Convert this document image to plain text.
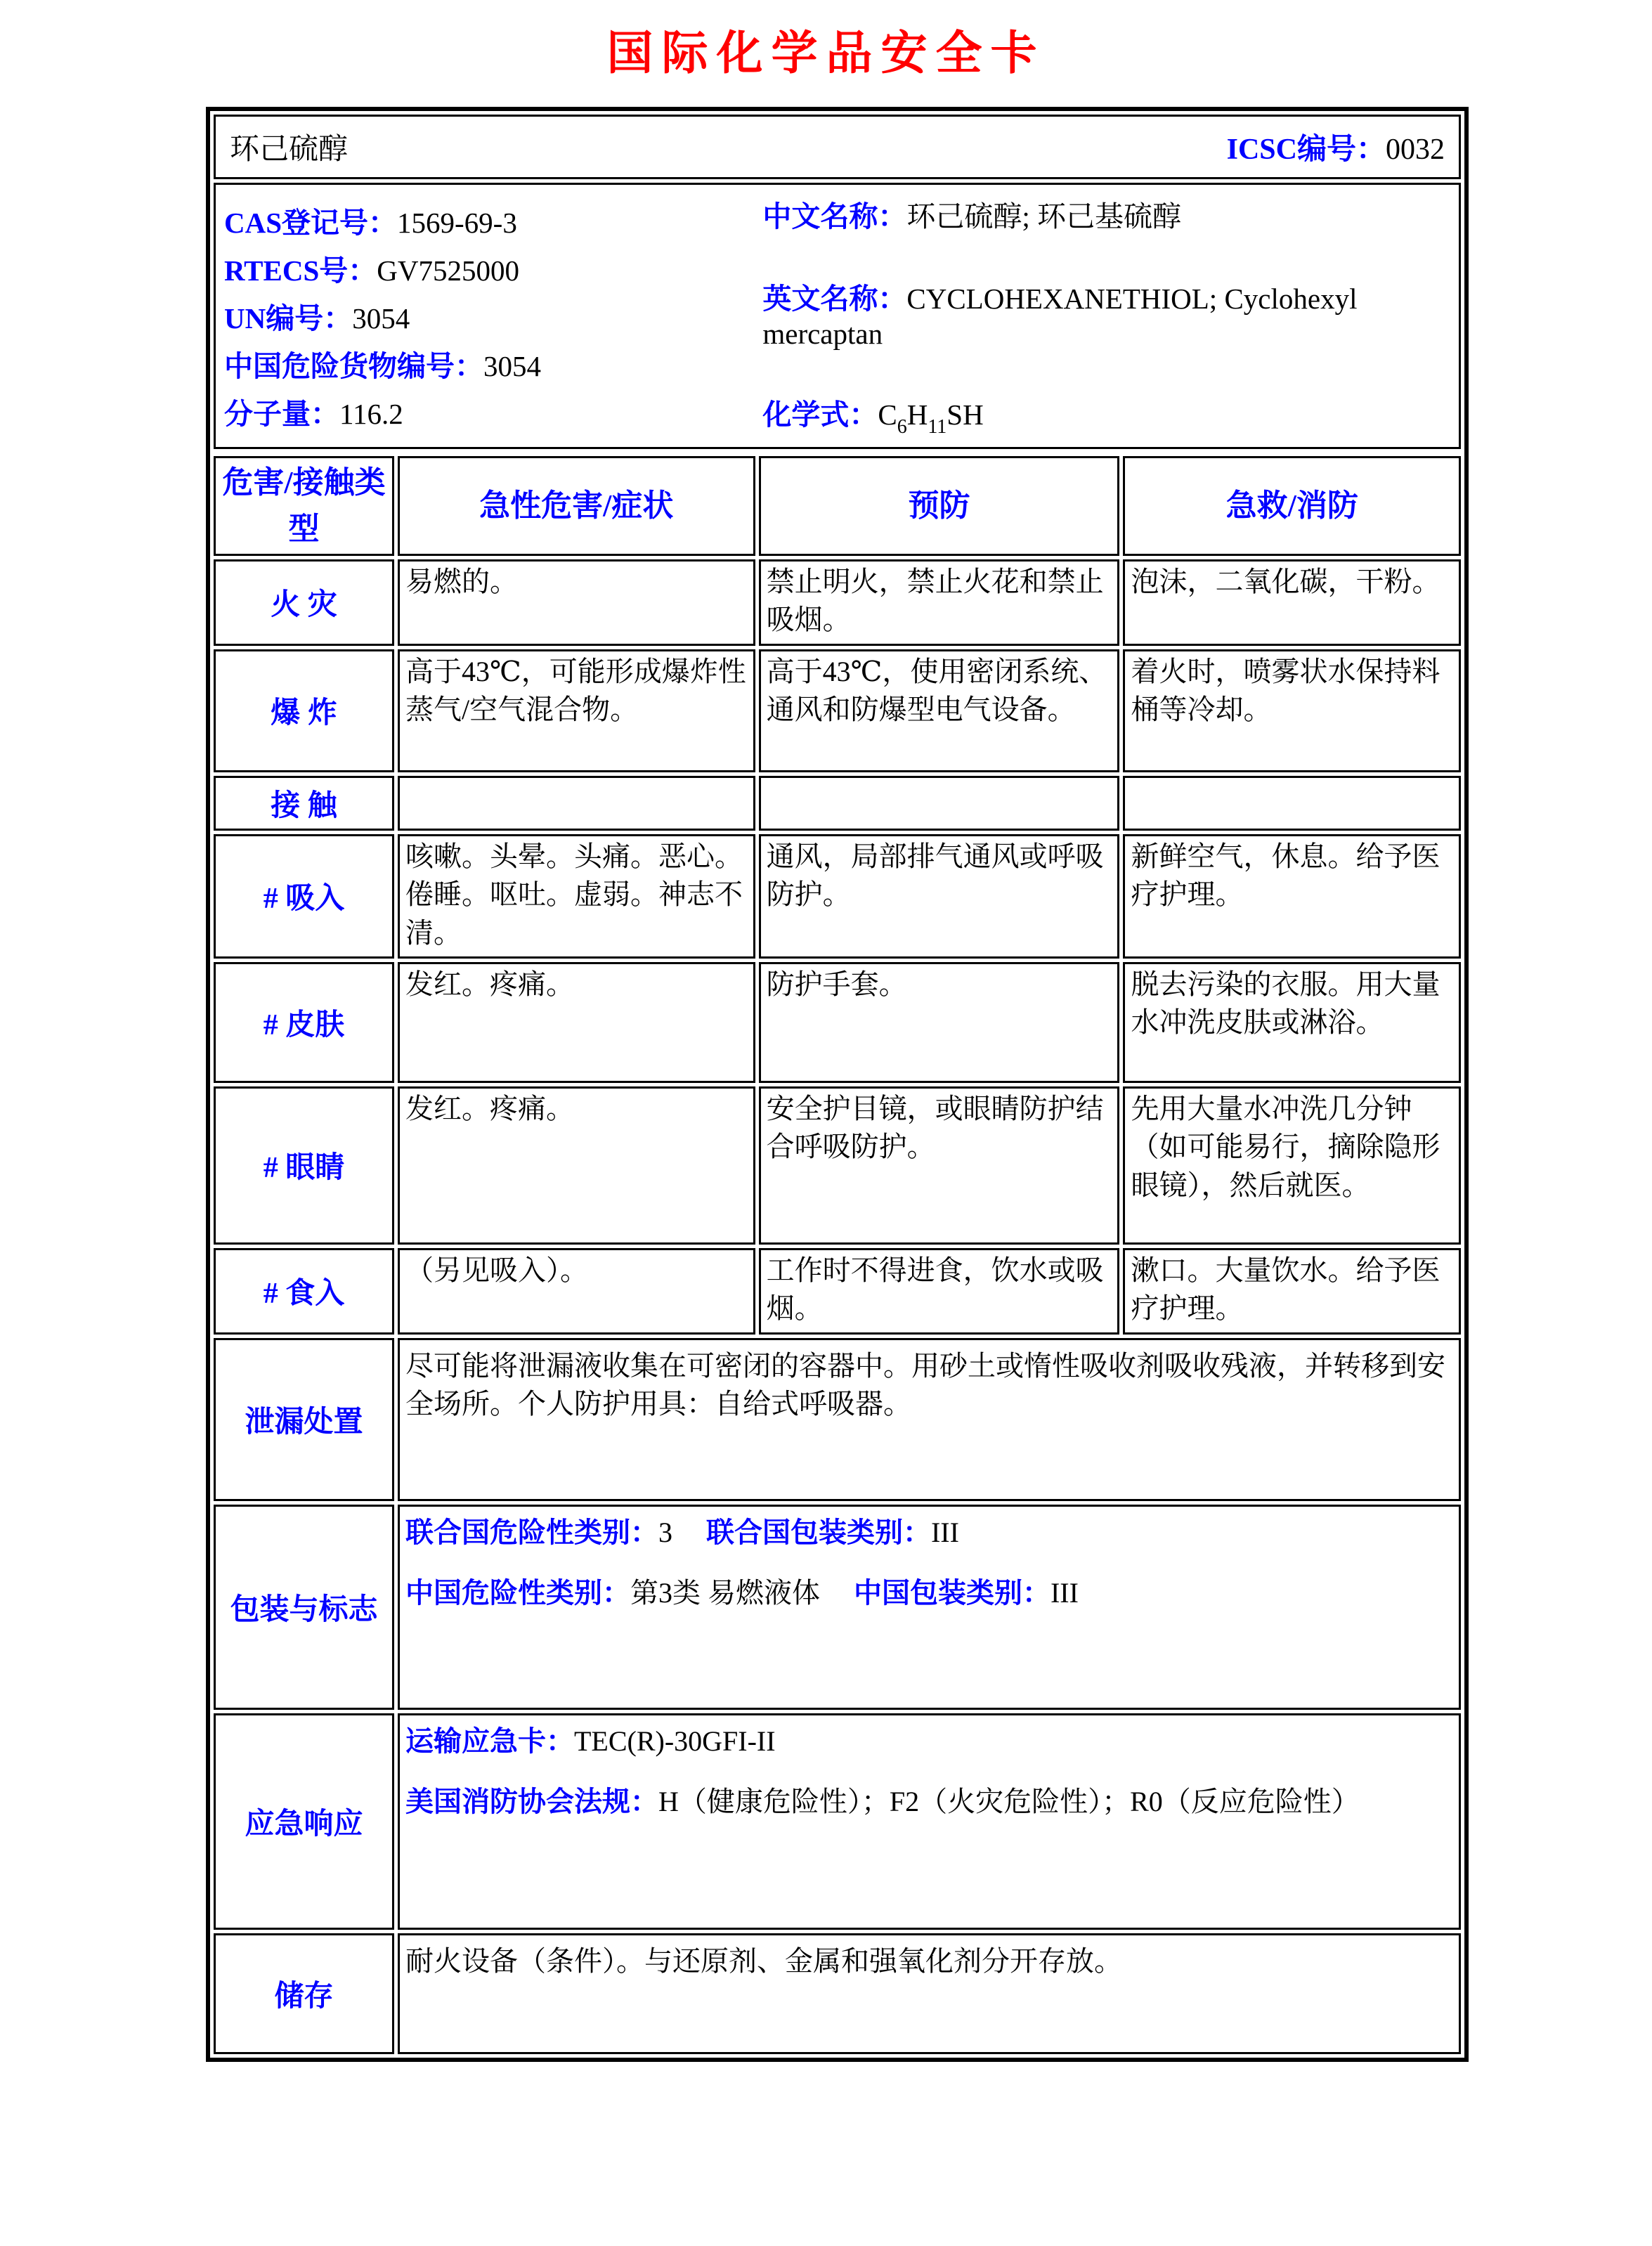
国际化学品安全卡
环己硫醇	ICSC编号：0032
CAS登记号：1569-69-3
RTECS号：GV7525000
UN编号：3054
中国危险货物编号：3054
分子量：116.2
中文名称：环己硫醇; 环己基硫醇
英文名称：CYCLOHEXANETHIOL; Cyclohexyl mercaptan
化学式：$C_6H_{11}SH$
危害/接触类型	急性危害/症状	预防	急救/消防
火 灾	易燃的。	禁止明火，禁止火花和禁止吸烟。	泡沫，二氧化碳，干粉。
爆 炸	高于43℃，可能形成爆炸性蒸气/空气混合物。	高于43℃，使用密闭系统、通风和防爆型电气设备。	着火时，喷雾状水保持料桶等冷却。
接 触			
# 吸入	咳嗽。头晕。头痛。恶心。倦睡。呕吐。虚弱。神志不清。	通风，局部排气通风或呼吸防护。	新鲜空气，休息。给予医疗护理。
# 皮肤	发红。疼痛。	防护手套。	脱去污染的衣服。用大量水冲洗皮肤或淋浴。
# 眼睛	发红。疼痛。	安全护目镜，或眼睛防护结合呼吸防护。	先用大量水冲洗几分钟（如可能易行，摘除隐形眼镜），然后就医。
# 食入	（另见吸入）。	工作时不得进食，饮水或吸烟。	漱口。大量饮水。给予医疗护理。
泄漏处置	尽可能将泄漏液收集在可密闭的容器中。用砂土或惰性吸收剂吸收残液，并转移到安全场所。个人防护用具：自给式呼吸器。		

包装与标志	联合国危险性类别：3 联合国包装类别：III
中国危险性类别：第3类 易燃液体 中国包装类别：III		

应急响应	运输应急卡：TEC(R)-30GFI-II
美国消防协会法规：H（健康危险性）；F2（火灾危险性）；R0（反应危险性）		

储存	耐火设备（条件）。与还原剂、金属和强氧化剂分开存放。		
